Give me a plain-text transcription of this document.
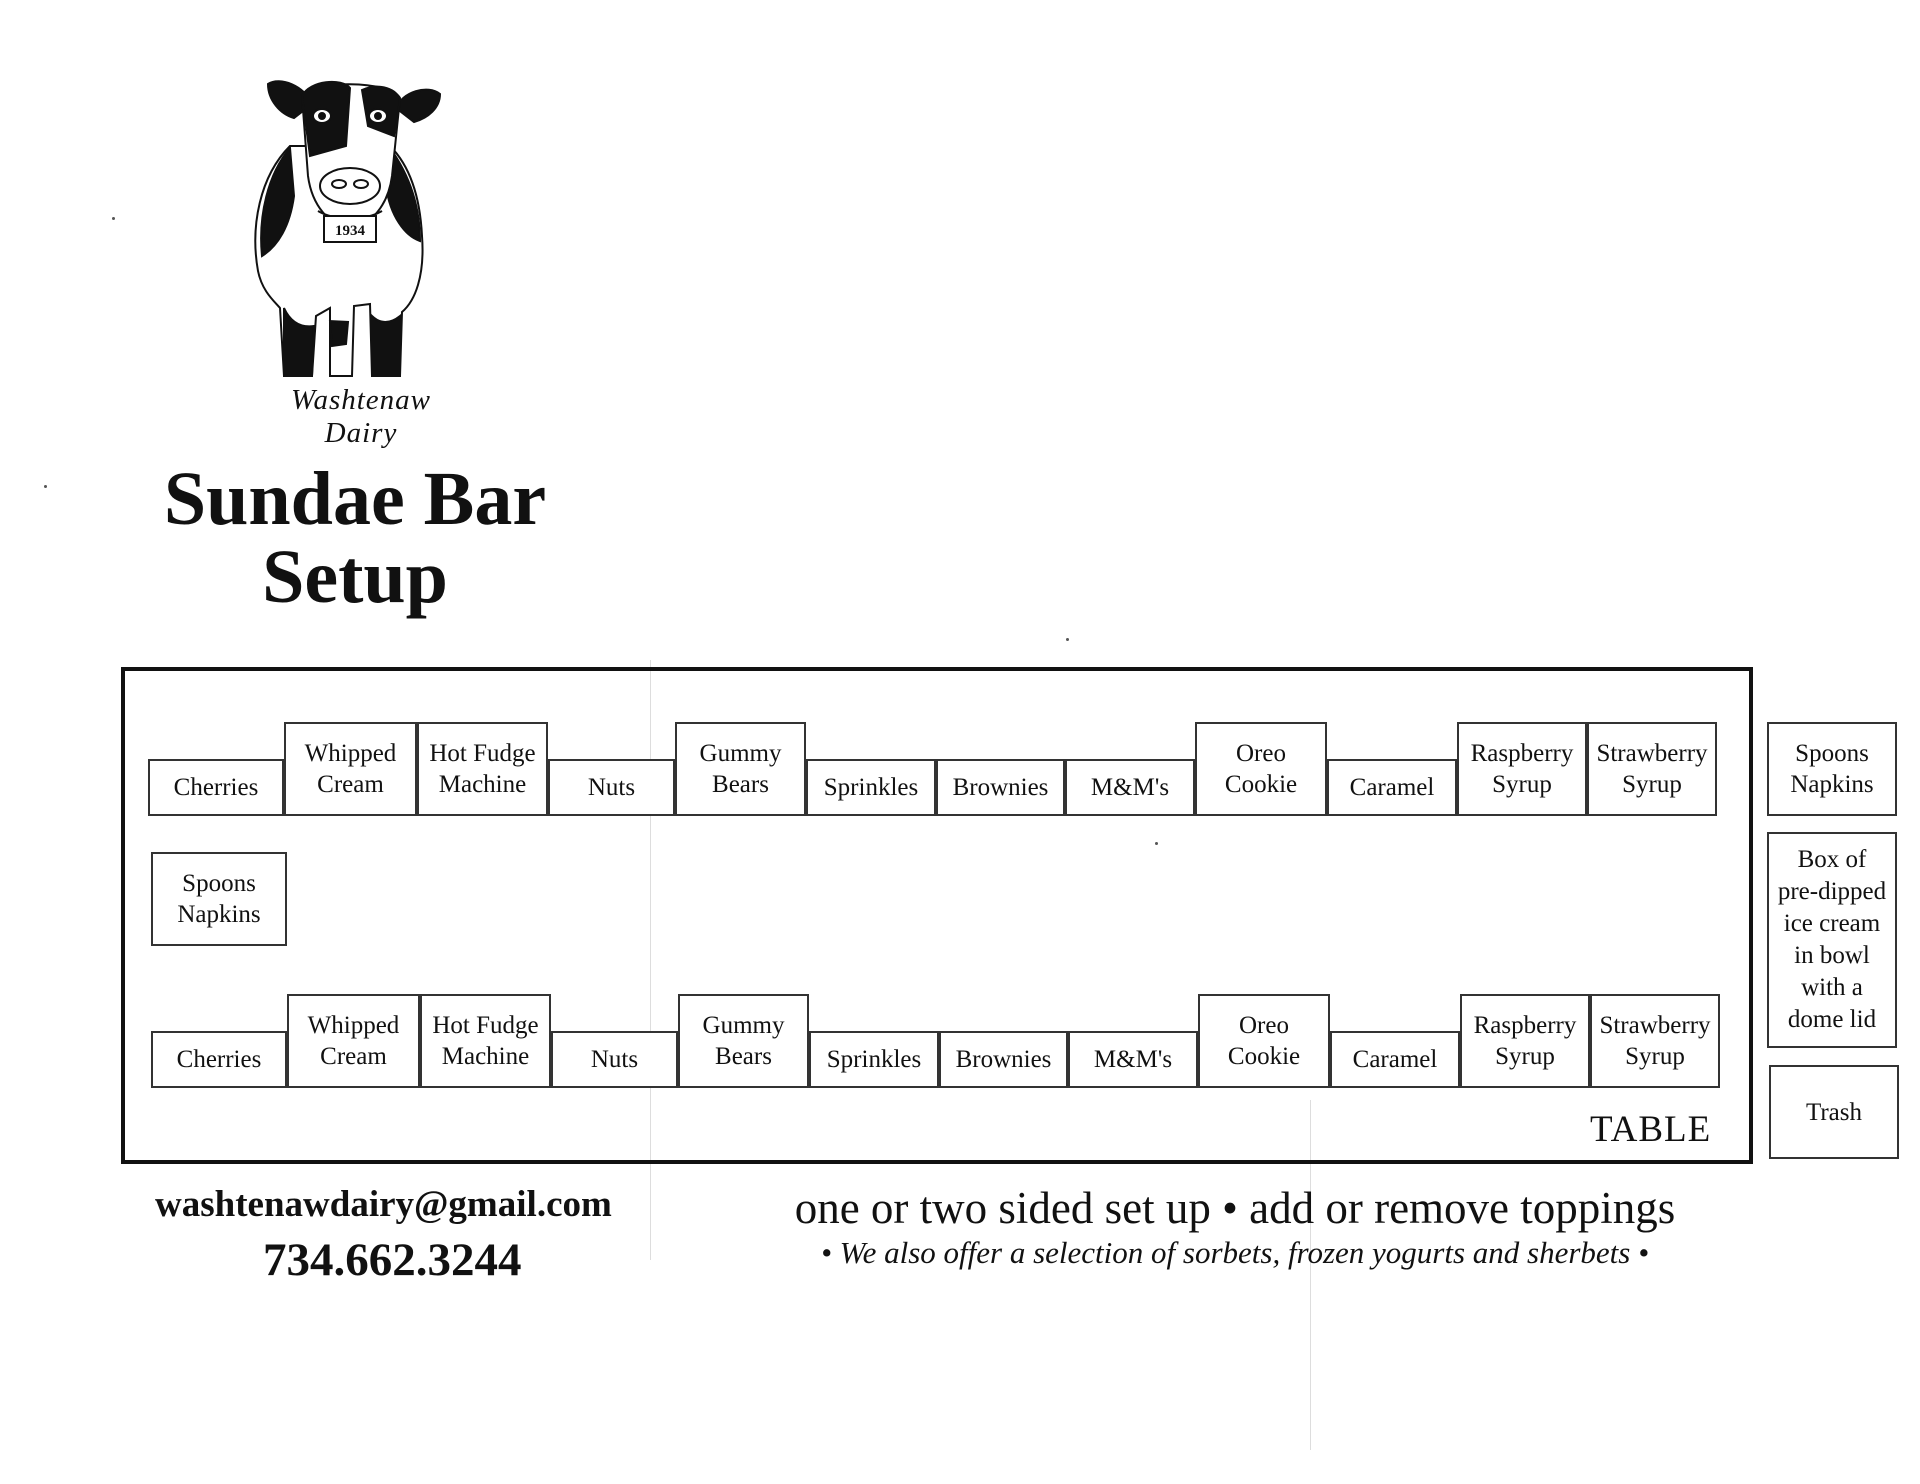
1934
Washtenaw
Dairy
Sundae Bar
Setup
Cherries
Whipped
Cream
Hot Fudge
Machine	Nuts
Gummy
Bears	Sprinkles	Brownies	M&M's
Oreo
Cookie	Caramel
Raspberry
Syrup
Strawberry
Syrup
Spoons
Napkins
Cherries
Whipped
Cream
Hot Fudge
Machine	Nuts
Gummy
Bears	Sprinkles	Brownies	M&M's
Oreo
Cookie	Caramel
Raspberry
Syrup
Strawberry
Syrup
TABLE
Spoons
Napkins
Box of
pre-dipped
ice cream
in bowl
with a
dome lid
Trash
washtenawdairy@gmail.com
734.662.3244
one or two sided set up • add or remove toppings
• We also offer a selection of sorbets, frozen yogurts and sherbets •
